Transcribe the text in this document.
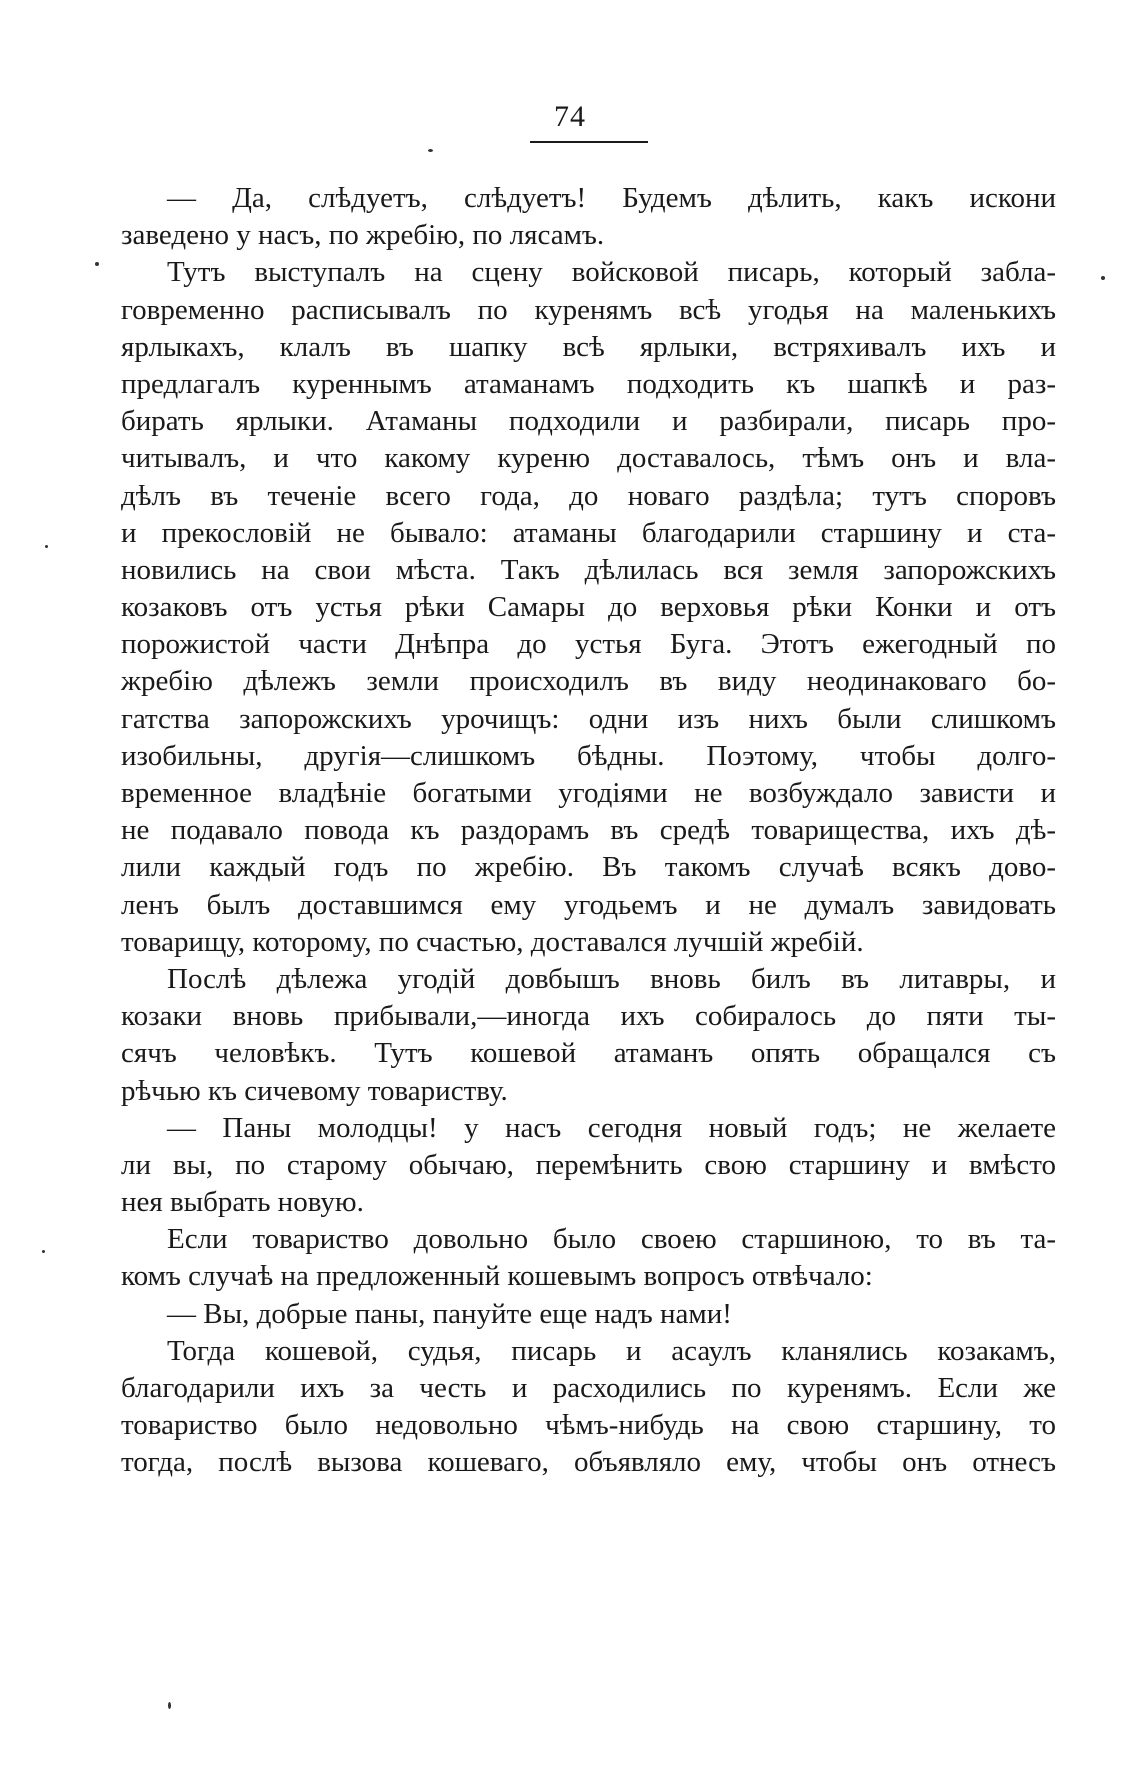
74
— Да, слѣдуетъ, слѣдуетъ! Будемъ дѣлить, какъ искони
заведено у насъ, по жребію, по лясамъ.
Тутъ выступалъ на сцену войсковой писарь, который забла-
говременно расписывалъ по куренямъ всѣ угодья на маленькихъ
ярлыкахъ, клалъ въ шапку всѣ ярлыки, встряхивалъ ихъ и
предлагалъ куреннымъ атаманамъ подходить къ шапкѣ и раз-
бирать ярлыки. Атаманы подходили и разбирали, писарь про-
читывалъ, и что какому куреню доставалось, тѣмъ онъ и вла-
дѣлъ въ теченіе всего года, до новаго раздѣла; тутъ споровъ
и прекословій не бывало: атаманы благодарили старшину и ста-
новились на свои мѣста. Такъ дѣлилась вся земля запорожскихъ
козаковъ отъ устья рѣки Самары до верховья рѣки Конки и отъ
порожистой части Днѣпра до устья Буга. Этотъ ежегодный по
жребію дѣлежъ земли происходилъ въ виду неодинаковаго бо-
гатства запорожскихъ урочищъ: одни изъ нихъ были слишкомъ
изобильны, другія—слишкомъ бѣдны. Поэтому, чтобы долго-
временное владѣніе богатыми угодіями не возбуждало зависти и
не подавало повода къ раздорамъ въ средѣ товарищества, ихъ дѣ-
лили каждый годъ по жребію. Въ такомъ случаѣ всякъ дово-
ленъ былъ доставшимся ему угодьемъ и не думалъ завидовать
товарищу, которому, по счастью, доставался лучшій жребій.
Послѣ дѣлежа угодій довбышъ вновь билъ въ литавры, и
козаки вновь прибывали,—иногда ихъ собиралось до пяти ты-
сячъ человѣкъ. Тутъ кошевой атаманъ опять обращался съ
рѣчью къ сичевому товариству.
— Паны молодцы! у насъ сегодня новый годъ; не желаете
ли вы, по старому обычаю, перемѣнить свою старшину и вмѣсто
нея выбрать новую.
Если товариство довольно было своею старшиною, то въ та-
комъ случаѣ на предложенный кошевымъ вопросъ отвѣчало:
— Вы, добрые паны, пануйте еще надъ нами!
Тогда кошевой, судья, писарь и асаулъ кланялись козакамъ,
благодарили ихъ за честь и расходились по куренямъ. Если же
товариство было недовольно чѣмъ-нибудь на свою старшину, то
тогда, послѣ вызова кошеваго, объявляло ему, чтобы онъ отнесъ
